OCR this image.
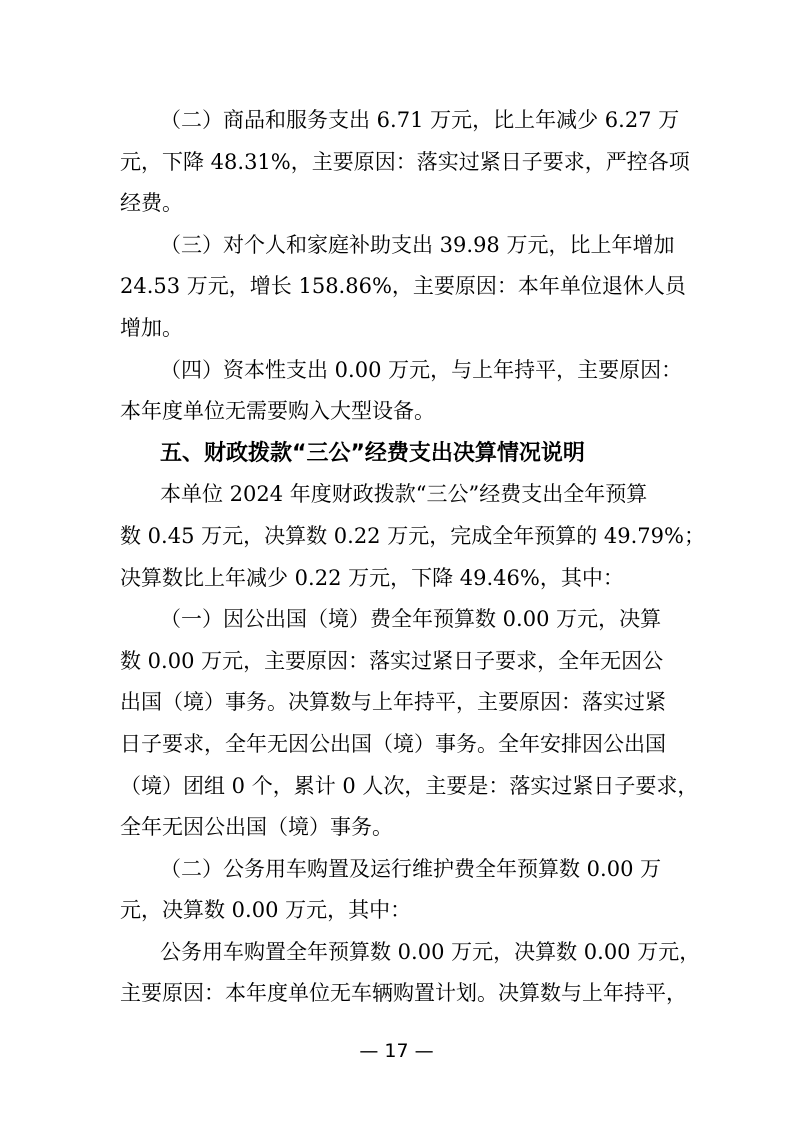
（二）商品和服务支出 6.71 万元，比上年减少 6.27 万
元，下降 48.31%，主要原因：落实过紧日子要求，严控各项
经费。
（三）对个人和家庭补助支出 39.98 万元，比上年增加
24.53 万元，增长 158.86%，主要原因：本年单位退休人员
增加。
（四）资本性支出 0.00 万元，与上年持平，主要原因：
本年度单位无需要购入大型设备。
五、财政拨款“三公”经费支出决算情况说明
本单位 2024 年度财政拨款“三公”经费支出全年预算
数 0.45 万元，决算数 0.22 万元，完成全年预算的 49.79%；
决算数比上年减少 0.22 万元，下降 49.46%，其中：
（一）因公出国（境）费全年预算数 0.00 万元，决算
数 0.00 万元，主要原因：落实过紧日子要求，全年无因公
出国（境）事务。决算数与上年持平，主要原因：落实过紧
日子要求，全年无因公出国（境）事务。全年安排因公出国
（境）团组 0 个，累计 0 人次，主要是：落实过紧日子要求，
全年无因公出国（境）事务。
（二）公务用车购置及运行维护费全年预算数 0.00 万
元，决算数 0.00 万元，其中：
公务用车购置全年预算数 0.00 万元，决算数 0.00 万元，
主要原因：本年度单位无车辆购置计划。决算数与上年持平，
— 17 —
